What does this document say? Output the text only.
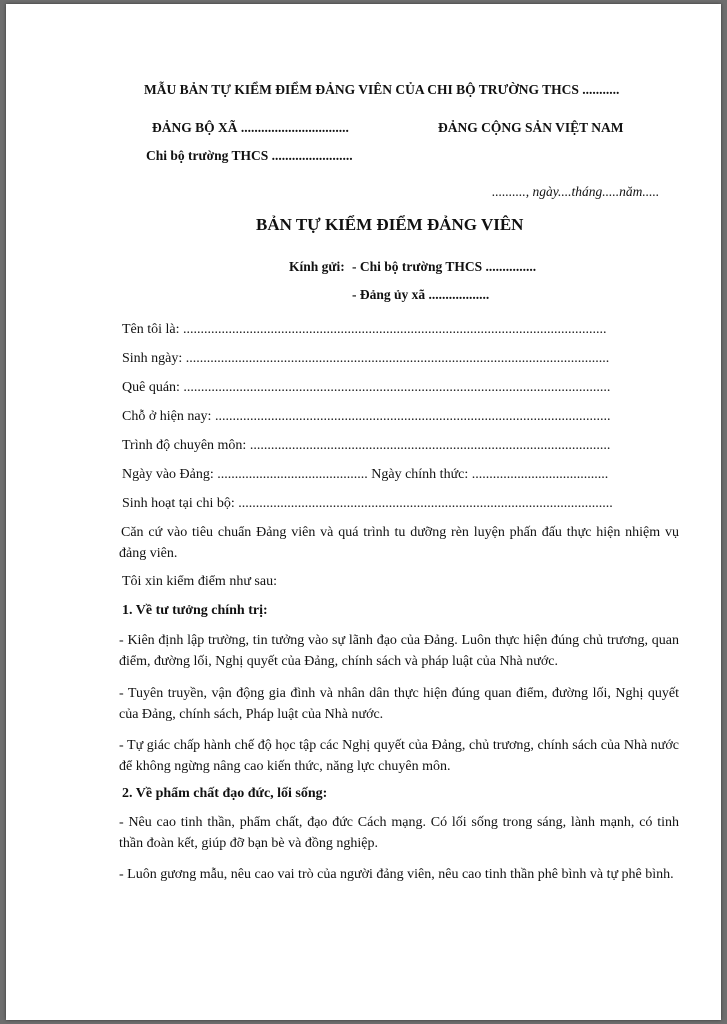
MẪU BẢN TỰ KIỂM ĐIỂM ĐẢNG VIÊN CỦA CHI BỘ TRƯỜNG THCS ...........
ĐẢNG BỘ XÃ ................................	ĐẢNG CỘNG SẢN VIỆT NAM
Chi bộ trường THCS ........................
.........., ngày....tháng.....năm.....
BẢN TỰ KIỂM ĐIỂM ĐẢNG VIÊN
Kính gửi: - Chi bộ trường THCS ...............
- Đảng ủy xã ..................
Tên tôi là: .........................................................................................................................
Sinh ngày: .........................................................................................................................
Quê quán: ..........................................................................................................................
Chỗ ở hiện nay: .................................................................................................................
Trình độ chuyên môn: .......................................................................................................
Ngày vào Đảng: ........................................... Ngày chính thức: .......................................
Sinh hoạt tại chi bộ: ...........................................................................................................
Căn cứ vào tiêu chuẩn Đảng viên và quá trình tu dưỡng rèn luyện phấn đấu thực hiện nhiệm vụ đảng viên.
Tôi xin kiểm điểm như sau:
1. Về tư tưởng chính trị:
- Kiên định lập trường, tin tưởng vào sự lãnh đạo của Đảng. Luôn thực hiện đúng chủ trương, quan điểm, đường lối, Nghị quyết của Đảng, chính sách và pháp luật của Nhà nước.
- Tuyên truyền, vận động gia đình và nhân dân thực hiện đúng quan điểm, đường lối, Nghị quyết của Đảng, chính sách, Pháp luật của Nhà nước.
- Tự giác chấp hành chế độ học tập các Nghị quyết của Đảng, chủ trương, chính sách của Nhà nước để không ngừng nâng cao kiến thức, năng lực chuyên môn.
2. Về phẩm chất đạo đức, lối sống:
- Nêu cao tinh thần, phẩm chất, đạo đức Cách mạng. Có lối sống trong sáng, lành mạnh, có tinh thần đoàn kết, giúp đỡ bạn bè và đồng nghiệp.
- Luôn gương mẫu, nêu cao vai trò của người đảng viên, nêu cao tinh thần phê bình và tự phê bình.
